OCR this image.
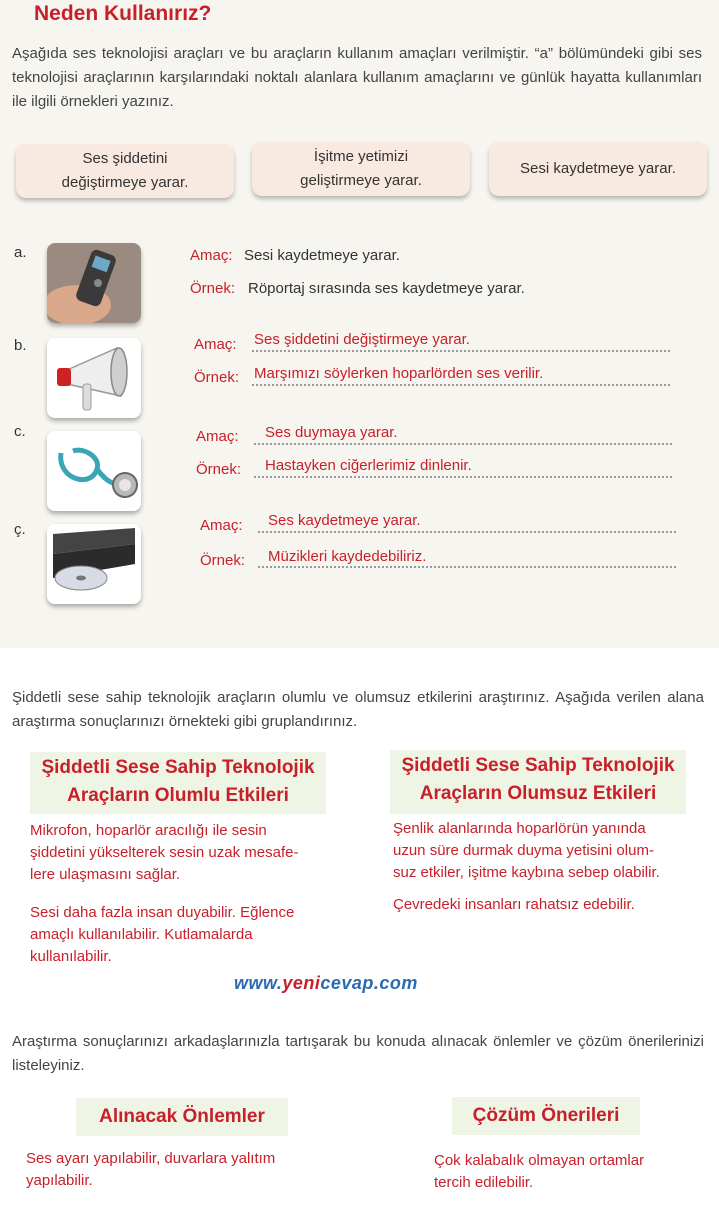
Neden Kullanırız?
Aşağıda ses teknolojisi araçları ve bu araçların kullanım amaçları verilmiştir. “a” bölümündeki gibi ses teknolojisi araçlarının karşılarındaki noktalı alanlara kullanım amaçlarını ve günlük hayatta kullanımları ile ilgili örnekleri yazınız.
Ses şiddetini
değiştirmeye yarar.
İşitme yetimizi
geliştirmeye yarar.
Sesi kaydetmeye yarar.
a.	Amaç: Sesi kaydetmeye yarar.
Örnek: Röportaj sırasında ses kaydetmeye yarar.
b.	Amaç: Ses şiddetini değiştirmeye yarar.
Örnek: Marşımızı söylerken hoparlörden ses verilir.
c.	Amaç: Ses duymaya yarar.
Örnek: Hastayken ciğerlerimiz dinlenir.
ç.	Amaç: Ses kaydetmeye yarar.
Örnek: Müzikleri kaydedebiliriz.
Şiddetli sese sahip teknolojik araçların olumlu ve olumsuz etkilerini araştırınız. Aşağıda verilen alana araştırma sonuçlarınızı örnekteki gibi gruplandırınız.
Şiddetli Sese Sahip Teknolojik
Araçların Olumlu Etkileri
Şiddetli Sese Sahip Teknolojik
Araçların Olumsuz Etkileri
Mikrofon, hoparlör aracılığı ile sesin
şiddetini yükselterek sesin uzak mesafe-
lere ulaşmasını sağlar.
Sesi daha fazla insan duyabilir. Eğlence
amaçlı kullanılabilir. Kutlamalarda
kullanılabilir.
Şenlik alanlarında hoparlörün yanında
uzun süre durmak duyma yetisini olum-
suz etkiler, işitme kaybına sebep olabilir.
Çevredeki insanları rahatsız edebilir.
www.yenicevap.com
Araştırma sonuçlarınızı arkadaşlarınızla tartışarak bu konuda alınacak önlemler ve çözüm önerilerinizi listeleyiniz.
Alınacak Önlemler	Çözüm Önerileri
Ses ayarı yapılabilir, duvarlara yalıtım
yapılabilir.
Çok kalabalık olmayan ortamlar
tercih edilebilir.
